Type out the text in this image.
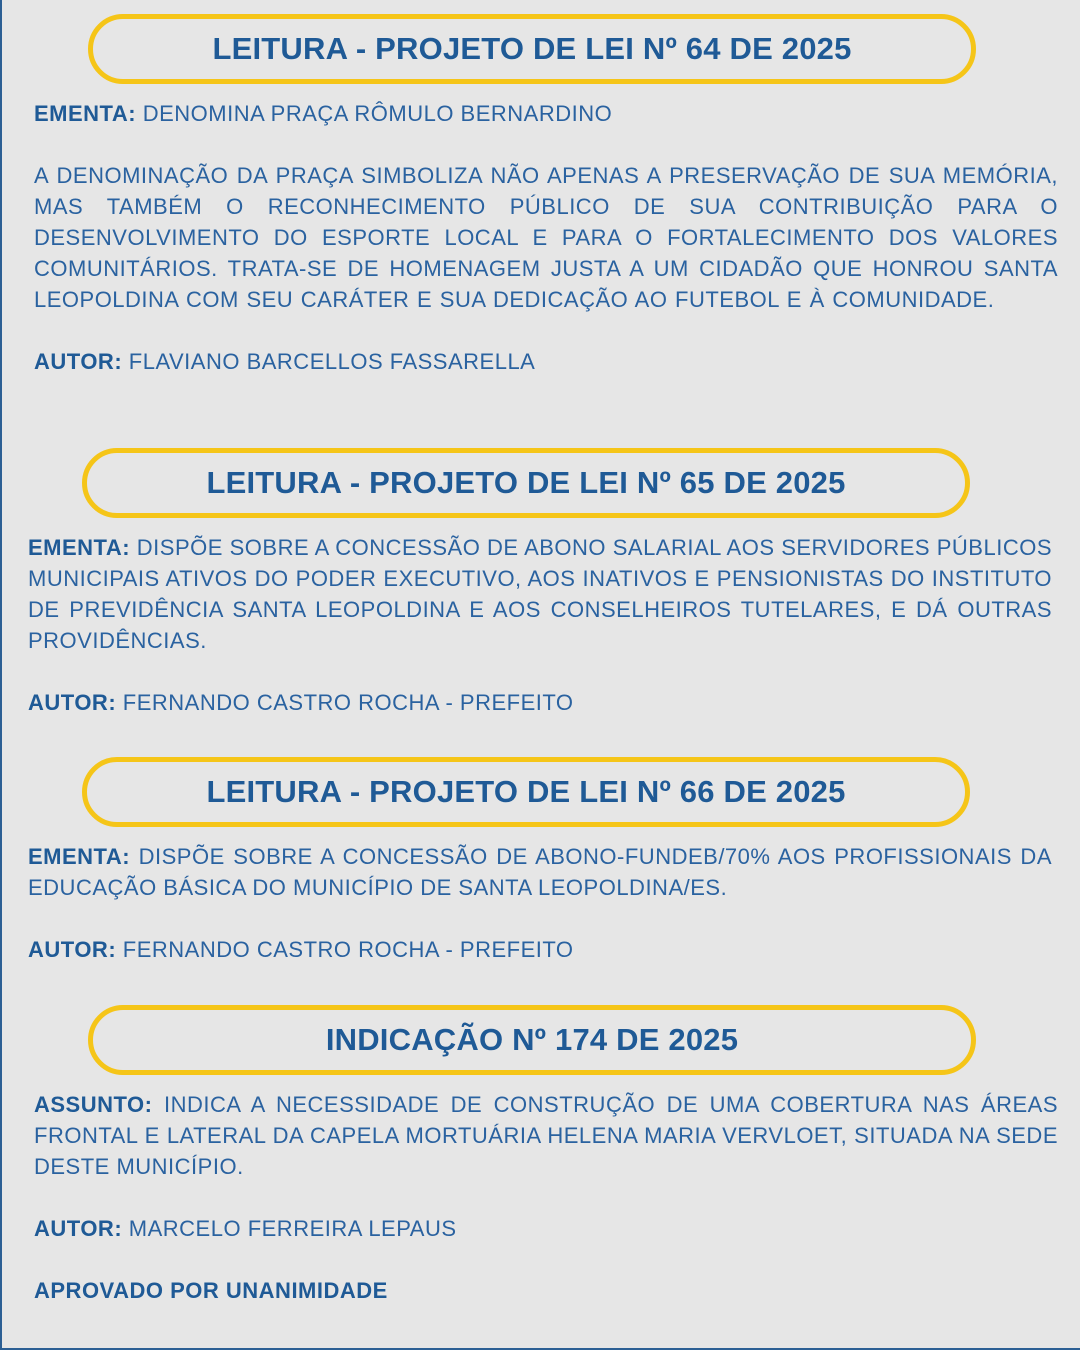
LEITURA - PROJETO DE LEI Nº 64 DE 2025
EMENTA: DENOMINA PRAÇA RÔMULO BERNARDINO
A DENOMINAÇÃO DA PRAÇA SIMBOLIZA NÃO APENAS A PRESERVAÇÃO DE SUA MEMÓRIA, MAS TAMBÉM O RECONHECIMENTO PÚBLICO DE SUA CONTRIBUIÇÃO PARA O DESENVOLVIMENTO DO ESPORTE LOCAL E PARA O FORTALECIMENTO DOS VALORES COMUNITÁRIOS. TRATA-SE DE HOMENAGEM JUSTA A UM CIDADÃO QUE HONROU SANTA LEOPOLDINA COM SEU CARÁTER E SUA DEDICAÇÃO AO FUTEBOL E À COMUNIDADE.
AUTOR: FLAVIANO BARCELLOS FASSARELLA
LEITURA - PROJETO DE LEI Nº 65 DE 2025
EMENTA: DISPÕE SOBRE A CONCESSÃO DE ABONO SALARIAL AOS SERVIDORES PÚBLICOS MUNICIPAIS ATIVOS DO PODER EXECUTIVO, AOS INATIVOS E PENSIONISTAS DO INSTITUTO DE PREVIDÊNCIA SANTA LEOPOLDINA E AOS CONSELHEIROS TUTELARES, E DÁ OUTRAS PROVIDÊNCIAS.
AUTOR: FERNANDO CASTRO ROCHA - PREFEITO
LEITURA - PROJETO DE LEI Nº 66 DE 2025
EMENTA: DISPÕE SOBRE A CONCESSÃO DE ABONO-FUNDEB/70% AOS PROFISSIONAIS DA EDUCAÇÃO BÁSICA DO MUNICÍPIO DE SANTA LEOPOLDINA/ES.
AUTOR: FERNANDO CASTRO ROCHA - PREFEITO
INDICAÇÃO Nº 174 DE 2025
ASSUNTO: INDICA A NECESSIDADE DE CONSTRUÇÃO DE UMA COBERTURA NAS ÁREAS FRONTAL E LATERAL DA CAPELA MORTUÁRIA HELENA MARIA VERVLOET, SITUADA NA SEDE DESTE MUNICÍPIO.
AUTOR: MARCELO FERREIRA LEPAUS
APROVADO POR UNANIMIDADE
